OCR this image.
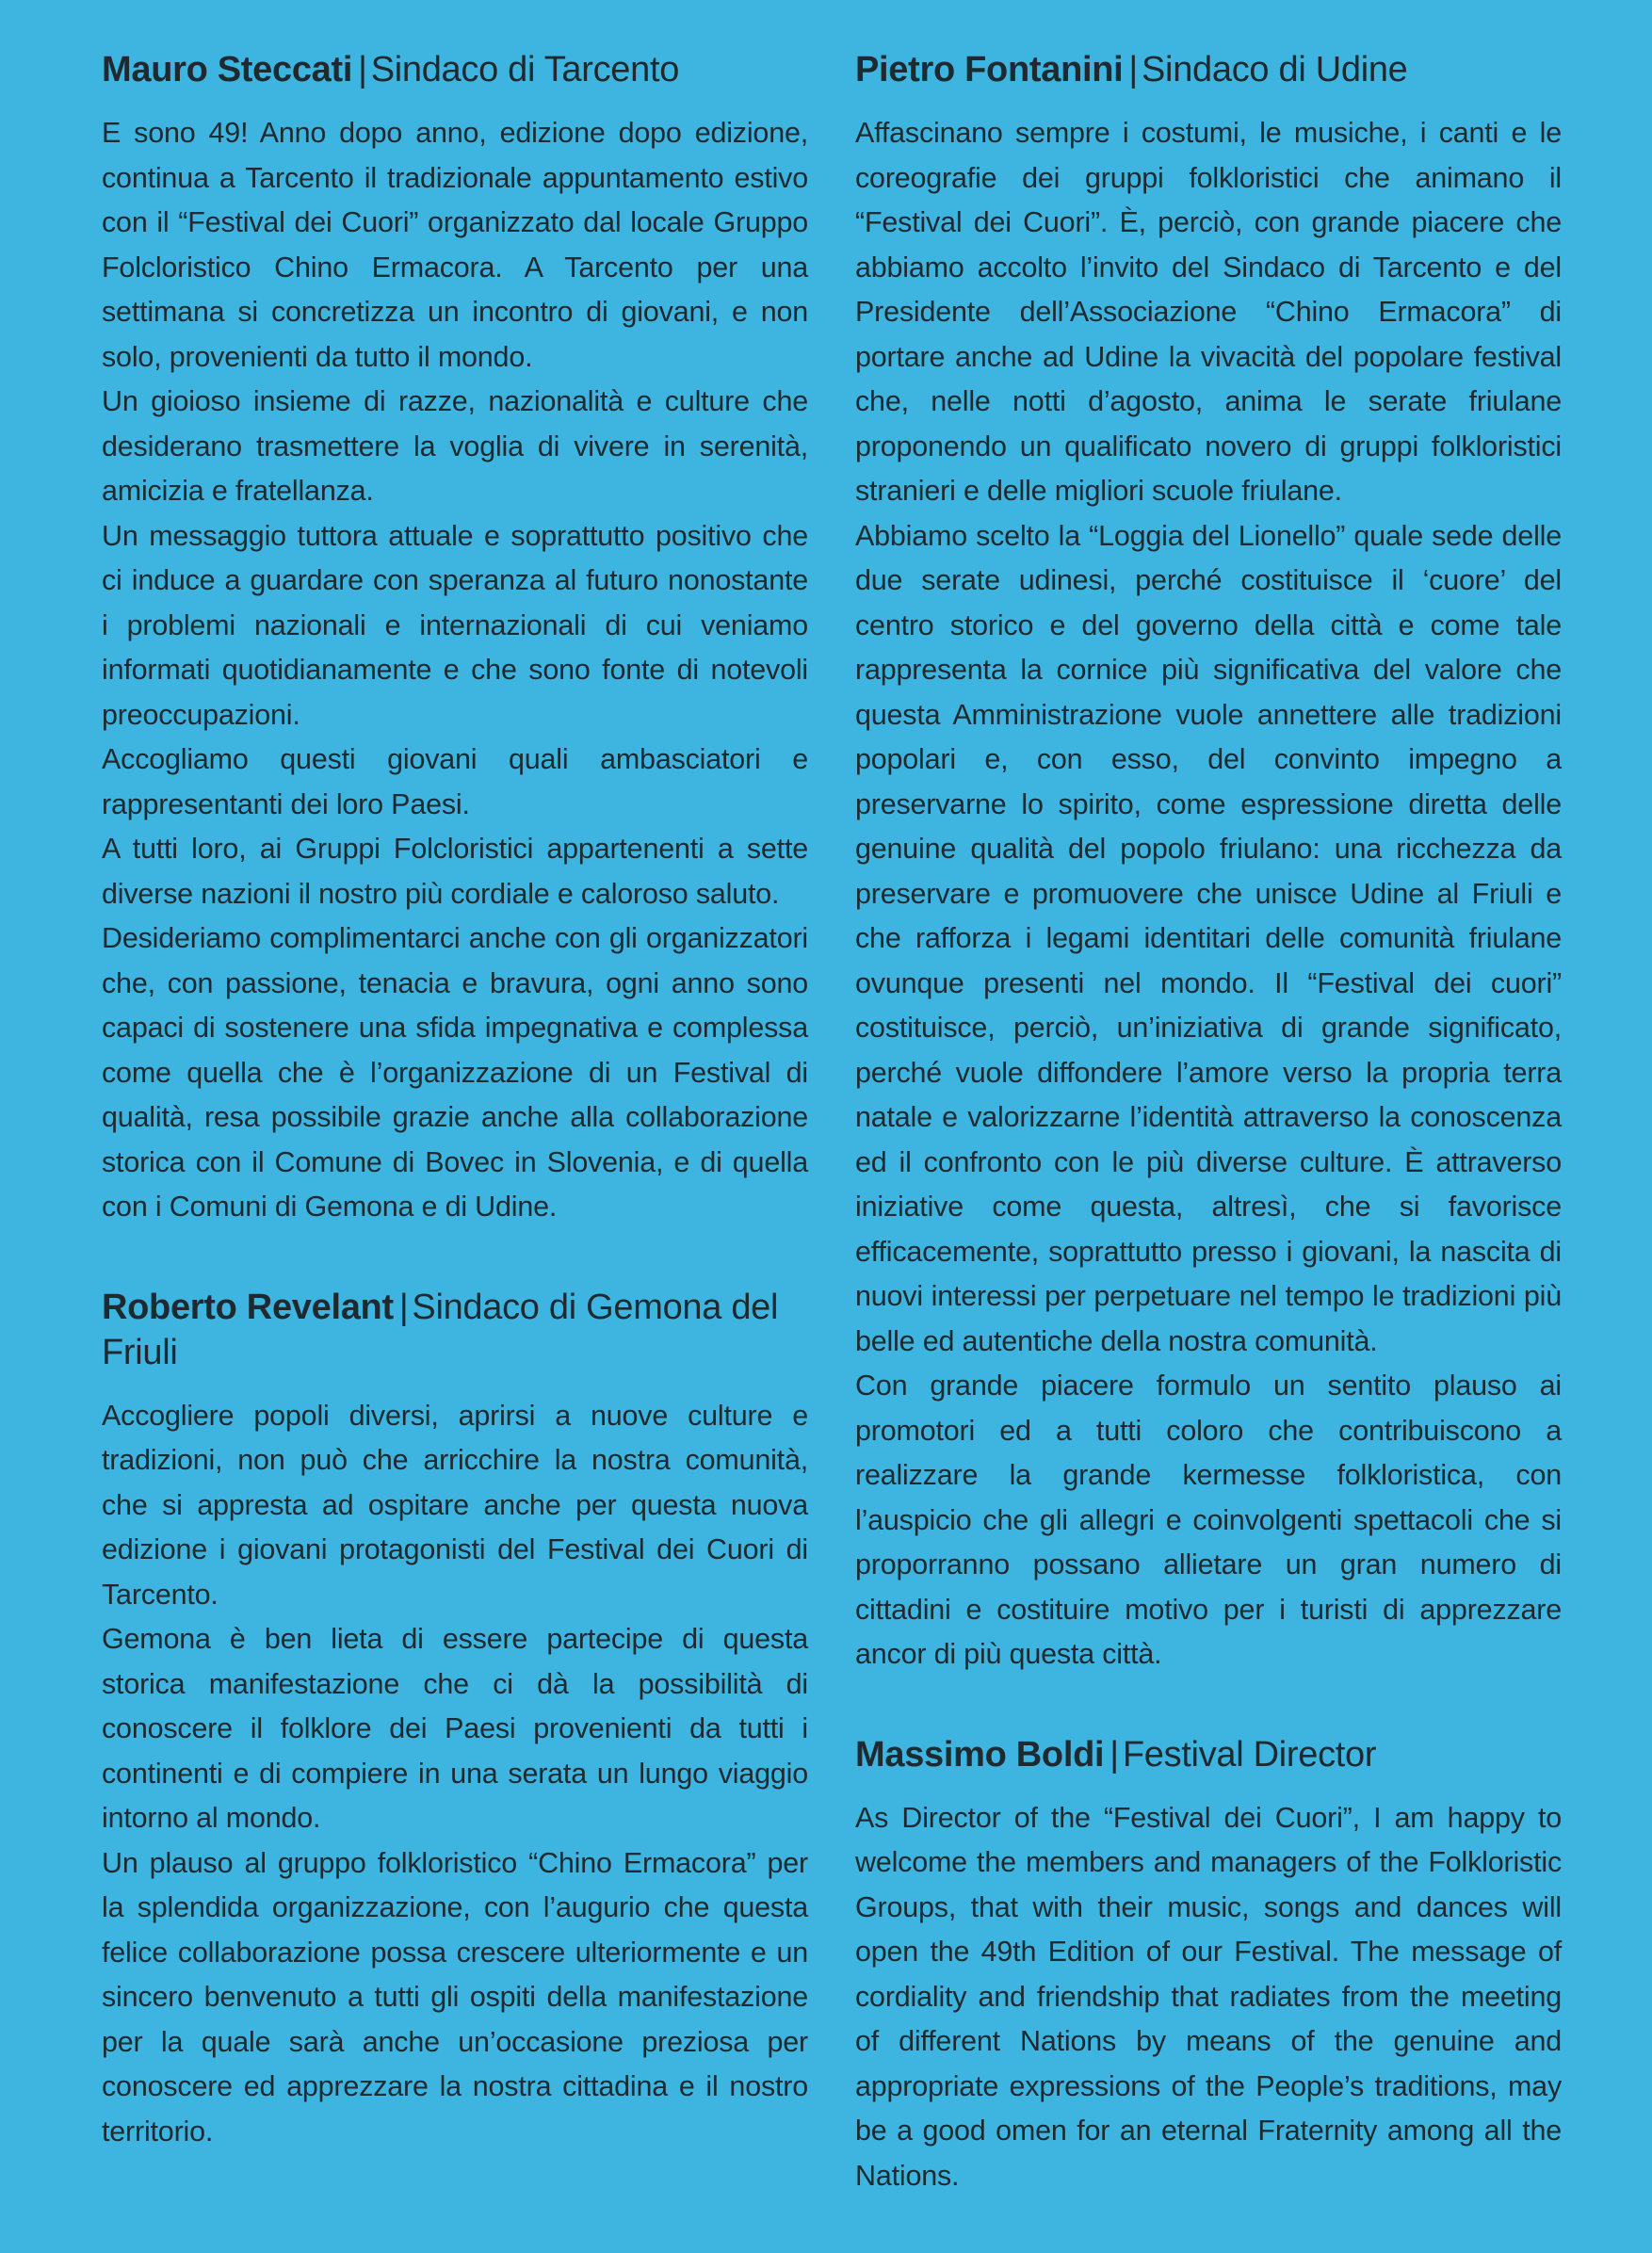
Mauro Steccati | Sindaco di Tarcento

E sono 49! Anno dopo anno, edizione dopo edizione, continua a Tarcento il tradizionale appuntamento estivo con il “Festival dei Cuori” organizzato dal locale Gruppo Folcloristico Chino Ermacora. A Tarcento per una settimana si concretizza un incontro di giovani, e non solo, provenienti da tutto il mondo.

Un gioioso insieme di razze, nazionalità e culture che desiderano trasmettere la voglia di vivere in serenità, amicizia e fratellanza.

Un messaggio tuttora attuale e soprattutto positivo che ci induce a guardare con speranza al futuro nonostante i problemi nazionali e internazionali di cui veniamo informati quotidianamente e che sono fonte di notevoli preoccupazioni.

Accogliamo questi giovani quali ambasciatori e rappresentanti dei loro Paesi.

A tutti loro, ai Gruppi Folcloristici appartenenti a sette diverse nazioni il nostro più cordiale e caloroso saluto.

Desideriamo complimentarci anche con gli organizzatori che, con passione, tenacia e bravura, ogni anno sono capaci di sostenere una sfida impegnativa e complessa come quella che è l’organizzazione di un Festival di qualità, resa possibile grazie anche alla collaborazione storica con il Comune di Bovec in Slovenia, e di quella con i Comuni di Gemona e di Udine.

Roberto Revelant | Sindaco di Gemona del Friuli

Accogliere popoli diversi, aprirsi a nuove culture e tradizioni, non può che arricchire la nostra comunità, che si appresta ad ospitare anche per questa nuova edizione i giovani protagonisti del Festival dei Cuori di Tarcento.

Gemona è ben lieta di essere partecipe di questa storica manifestazione che ci dà la possibilità di conoscere il folklore dei Paesi provenienti da tutti i continenti e di compiere in una serata un lungo viaggio intorno al mondo.

Un plauso al gruppo folkloristico “Chino Ermacora” per la splendida organizzazione, con l’augurio che questa felice collaborazione possa crescere ulteriormente e un sincero benvenuto a tutti gli ospiti della manifestazione per la quale sarà anche un’occasione preziosa per conoscere ed apprezzare la nostra cittadina e il nostro territorio.

Pietro Fontanini | Sindaco di Udine

Affascinano sempre i costumi, le musiche, i canti e le coreografie dei gruppi folkloristici che animano il “Festival dei Cuori”. È, perciò, con grande piacere che abbiamo accolto l’invito del Sindaco di Tarcento e del Presidente dell’Associazione “Chino Ermacora” di portare anche ad Udine la vivacità del popolare festival che, nelle notti d’agosto, anima le serate friulane proponendo un qualificato novero di gruppi folkloristici stranieri e delle migliori scuole friulane.

Abbiamo scelto la “Loggia del Lionello” quale sede delle due serate udinesi, perché costituisce il ‘cuore’ del centro storico e del governo della città e come tale rappresenta la cornice più significativa del valore che questa Amministrazione vuole annettere alle tradizioni popolari e, con esso, del convinto impegno a preservarne lo spirito, come espressione diretta delle genuine qualità del popolo friulano: una ricchezza da preservare e promuovere che unisce Udine al Friuli e che rafforza i legami identitari delle comunità friulane ovunque presenti nel mondo. Il “Festival dei cuori” costituisce, perciò, un’iniziativa di grande significato, perché vuole diffondere l’amore verso la propria terra natale e valorizzarne l’identità attraverso la conoscenza ed il confronto con le più diverse culture. È attraverso iniziative come questa, altresì, che si favorisce efficacemente, soprattutto presso i giovani, la nascita di nuovi interessi per perpetuare nel tempo le tradizioni più belle ed autentiche della nostra comunità.

Con grande piacere formulo un sentito plauso ai promotori ed a tutti coloro che contribuiscono a realizzare la grande kermesse folkloristica, con l’auspicio che gli allegri e coinvolgenti spettacoli che si proporranno possano allietare un gran numero di cittadini e costituire motivo per i turisti di apprezzare ancor di più questa città.

Massimo Boldi | Festival Director

As Director of the “Festival dei Cuori”, I am happy to welcome the members and managers of the Folkloristic Groups, that with their music, songs and dances will open the 49th Edition of our Festival. The message of cordiality and friendship that radiates from the meeting of different Nations by means of the genuine and appropriate expressions of the People’s traditions, may be a good omen for an eternal Fraternity among all the Nations.
